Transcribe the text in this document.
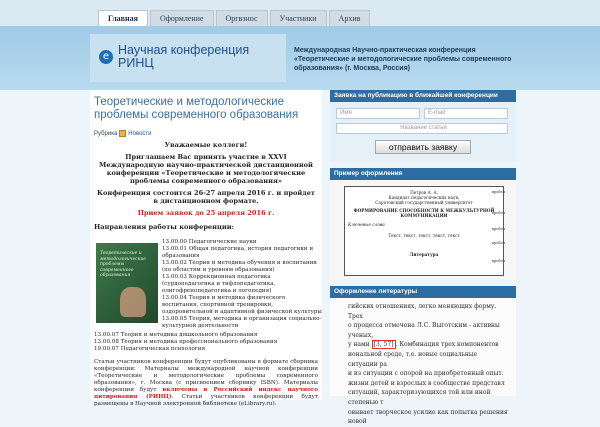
Главная	Оформление	Оргвзнос	Участники	Архив
e Научная конференция
РИНЦ
Международная Научно-практическая конференция «Теоретические и методологические проблемы современного образования» (г. Москва, Россия)
Теоретические и методологические проблемы современного образования
Рубрика Новости
Уважаемые коллеги!
Приглашаем Вас принять участие в XXVI Международную научно-практической дистанционной конференции «Теоретические и методологические проблемы современного образования»
Конференция состоится 26-27 апреля 2016 г. и пройдет в дистанционном формате.
Прием заявок до 25 апреля 2016 г.
Направления работы конференции:
Теоретические и методологические проблемы современного образования
13.00.00 Педагогические науки
13.00.01 Общая педагогика, история педагогики и образования
13.00.02 Теория и методика обучения и воспитания (по областям и уровням образования)
13.00.03 Коррекционная педагогика (сурдопедагогика и тифлопедагогика, олигофренопедагогика и логопедия)
13.00.04 Теория и методика физического воспитания, спортивной тренировки, оздоровительной и адаптивной физической культуры
13.00.05 Теория, методика и организация социально-культурной деятельности
13.00.07 Теория и методика дошкольного образования
13.00.08 Теория и методика профессионального образования
19.00.07 Педагогическая психология
Статьи участников конференции будут опубликованы в формате сборника конференции: Материалы международной научной конференции «Теоретические и методологические проблемы современного образования», г. Москва (с присвоением сборнику ISBN). Материалы конференции будут включены в Российский индекс научного цитирования (РИНЦ). Статьи участников конференции будут размещены в Научной электронной библиотеке (eLibrary.ru).
Заявка на публикацию в ближайшей конференции
Имя	E-mail
Название статьи
отправить заявку
Пример оформления
пробел
Петров А. А.
Кандидат педагогических наук,
Саратовский государственный университет
пробел
ФОРМИРОВАНИЕ СПОСОБНОСТИ К МЕЖКУЛЬТУРНОЙ КОММУНИКАЦИИ
пробел
Ключевые слова
пробел
Текст, текст, текст, текст, текст
пробел
Литература
Оформление литературы
гийских отношениях, легко меняющих форму. Трех
о процесса отмечена Л.С. Выготским - активны ученых,
у нами [3, 57] . Комбинация трех компонентов
иональной среде, т.е. новые социальные ситуации ра
и из ситуации с опорой на приобретенный опыт.
жизни детей и взрослых в сообществе представл
ситуаций, характеризующихся той или иной степенью т
овывает творческое усилие как попытка решения новой
